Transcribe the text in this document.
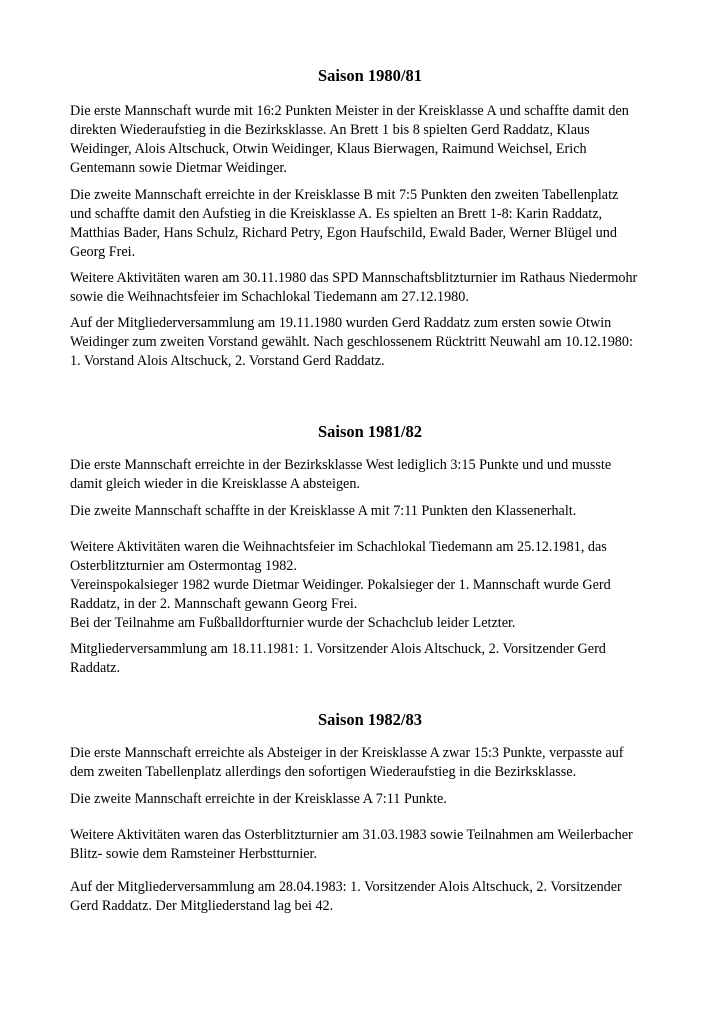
Saison 1980/81

Die erste Mannschaft wurde mit 16:2 Punkten Meister in der Kreisklasse A und schaffte damit den
direkten Wiederaufstieg in die Bezirksklasse. An Brett 1 bis 8 spielten Gerd Raddatz, Klaus
Weidinger, Alois Altschuck, Otwin Weidinger, Klaus Bierwagen, Raimund Weichsel, Erich
Gentemann sowie Dietmar Weidinger.

Die zweite Mannschaft erreichte in der Kreisklasse B mit 7:5 Punkten den zweiten Tabellenplatz
und schaffte damit den Aufstieg in die Kreisklasse A. Es spielten an Brett 1-8: Karin Raddatz,
Matthias Bader, Hans Schulz, Richard Petry, Egon Haufschild, Ewald Bader, Werner Blügel und
Georg Frei.

Weitere Aktivitäten waren am 30.11.1980 das SPD Mannschaftsblitzturnier im Rathaus Niedermohr
sowie die Weihnachtsfeier im Schachlokal Tiedemann am 27.12.1980.

Auf der Mitgliederversammlung am 19.11.1980 wurden Gerd Raddatz zum ersten sowie Otwin
Weidinger zum zweiten Vorstand gewählt. Nach geschlossenem Rücktritt Neuwahl am 10.12.1980:
1. Vorstand Alois Altschuck, 2. Vorstand Gerd Raddatz.

Saison 1981/82

Die erste Mannschaft erreichte in der Bezirksklasse West lediglich 3:15 Punkte und und musste
damit gleich wieder in die Kreisklasse A absteigen.

Die zweite Mannschaft schaffte in der Kreisklasse A mit 7:11 Punkten den Klassenerhalt.

Weitere Aktivitäten waren die Weihnachtsfeier im Schachlokal Tiedemann am 25.12.1981, das
Osterblitzturnier am Ostermontag 1982.
Vereinspokalsieger 1982 wurde Dietmar Weidinger. Pokalsieger der 1. Mannschaft wurde Gerd
Raddatz, in der 2. Mannschaft gewann Georg Frei.
Bei der Teilnahme am Fußballdorfturnier wurde der Schachclub leider Letzter.

Mitgliederversammlung am 18.11.1981: 1. Vorsitzender Alois Altschuck, 2. Vorsitzender Gerd
Raddatz.

Saison 1982/83

Die erste Mannschaft erreichte als Absteiger in der Kreisklasse A zwar 15:3 Punkte, verpasste auf
dem zweiten Tabellenplatz allerdings den sofortigen Wiederaufstieg in die Bezirksklasse.

Die zweite Mannschaft erreichte in der Kreisklasse A 7:11 Punkte.

Weitere Aktivitäten waren das Osterblitzturnier am 31.03.1983 sowie Teilnahmen am Weilerbacher
Blitz- sowie dem Ramsteiner Herbstturnier.

Auf der Mitgliederversammlung am 28.04.1983: 1. Vorsitzender Alois Altschuck, 2. Vorsitzender
Gerd Raddatz. Der Mitgliederstand lag bei 42.
